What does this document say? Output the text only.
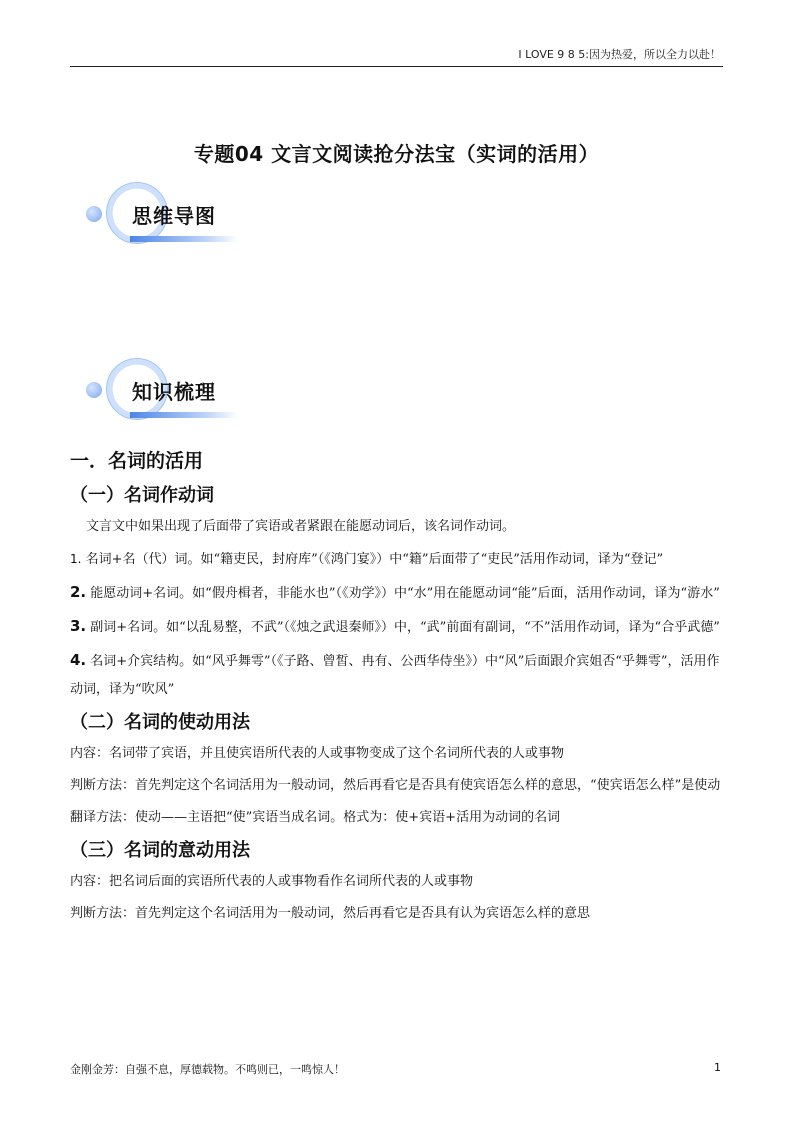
I LOVE 9 8 5:因为热爱，所以全力以赴！
专题04 文言文阅读抢分法宝（实词的活用）
思维导图
知识梳理
一．名词的活用
（一）名词作动词

文言文中如果出现了后面带了宾语或者紧跟在能愿动词后，该名词作动词。

1. 名词+名（代）词。如“籍吏民，封府库”（《鸿门宴》）中“籍”后面带了“吏民”活用作动词，译为“登记”

2. 能愿动词+名词。如“假舟楫者，非能水也”（《劝学》）中“水”用在能愿动词“能”后面，活用作动词，译为“游水”

3. 副词+名词。如“以乱易整，不武”（《烛之武退秦师》）中，“武”前面有副词，“不”活用作动词，译为“合乎武德”

4. 名词+介宾结构。如“风乎舞雩”（《子路、曾皙、冉有、公西华侍坐》）中“风”后面跟介宾姐否“乎舞雩”，活用作动词，译为“吹风”

（二）名词的使动用法

内容：名词带了宾语，并且使宾语所代表的人或事物变成了这个名词所代表的人或事物

判断方法：首先判定这个名词活用为一般动词，然后再看它是否具有使宾语怎么样的意思，“使宾语怎么样”是使动

翻译方法：使动——主语把“使”宾语当成名词。格式为：使+宾语+活用为动词的名词

（三）名词的意动用法

内容：把名词后面的宾语所代表的人或事物看作名词所代表的人或事物

判断方法：首先判定这个名词活用为一般动词，然后再看它是否具有认为宾语怎么样的意思

金刚金芳：自强不息，厚德载物。不鸣则已，一鸣惊人！	1
